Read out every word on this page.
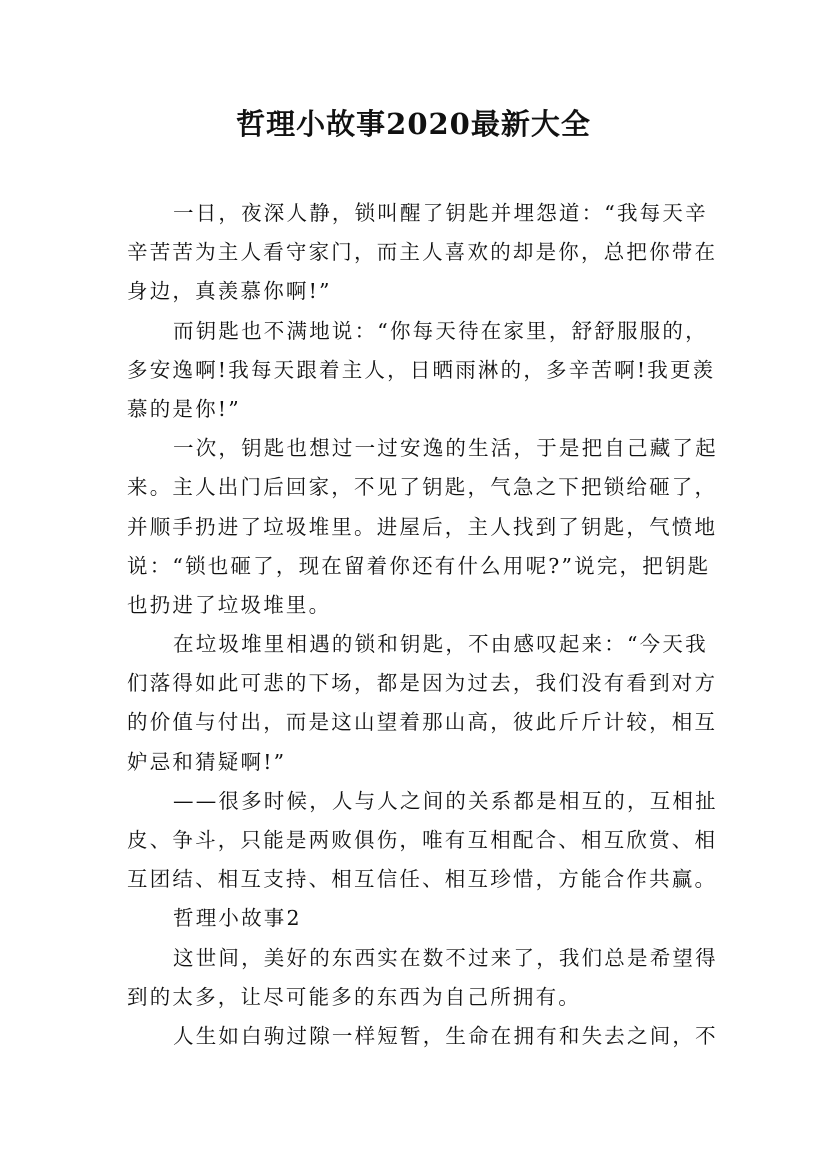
哲理小故事2020最新大全
一日，夜深人静，锁叫醒了钥匙并埋怨道：“我每天辛
辛苦苦为主人看守家门，而主人喜欢的却是你，总把你带在
身边，真羡慕你啊!”
而钥匙也不满地说：“你每天待在家里，舒舒服服的，
多安逸啊!我每天跟着主人，日晒雨淋的，多辛苦啊!我更羡
慕的是你!”
一次，钥匙也想过一过安逸的生活，于是把自己藏了起
来。主人出门后回家，不见了钥匙，气急之下把锁给砸了，
并顺手扔进了垃圾堆里。进屋后，主人找到了钥匙，气愤地
说：“锁也砸了，现在留着你还有什么用呢?”说完，把钥匙
也扔进了垃圾堆里。
在垃圾堆里相遇的锁和钥匙，不由感叹起来：“今天我
们落得如此可悲的下场，都是因为过去，我们没有看到对方
的价值与付出，而是这山望着那山高，彼此斤斤计较，相互
妒忌和猜疑啊!”
——很多时候，人与人之间的关系都是相互的，互相扯
皮、争斗，只能是两败俱伤，唯有互相配合、相互欣赏、相
互团结、相互支持、相互信任、相互珍惜，方能合作共赢。
哲理小故事2
这世间，美好的东西实在数不过来了，我们总是希望得
到的太多，让尽可能多的东西为自己所拥有。
人生如白驹过隙一样短暂，生命在拥有和失去之间，不
